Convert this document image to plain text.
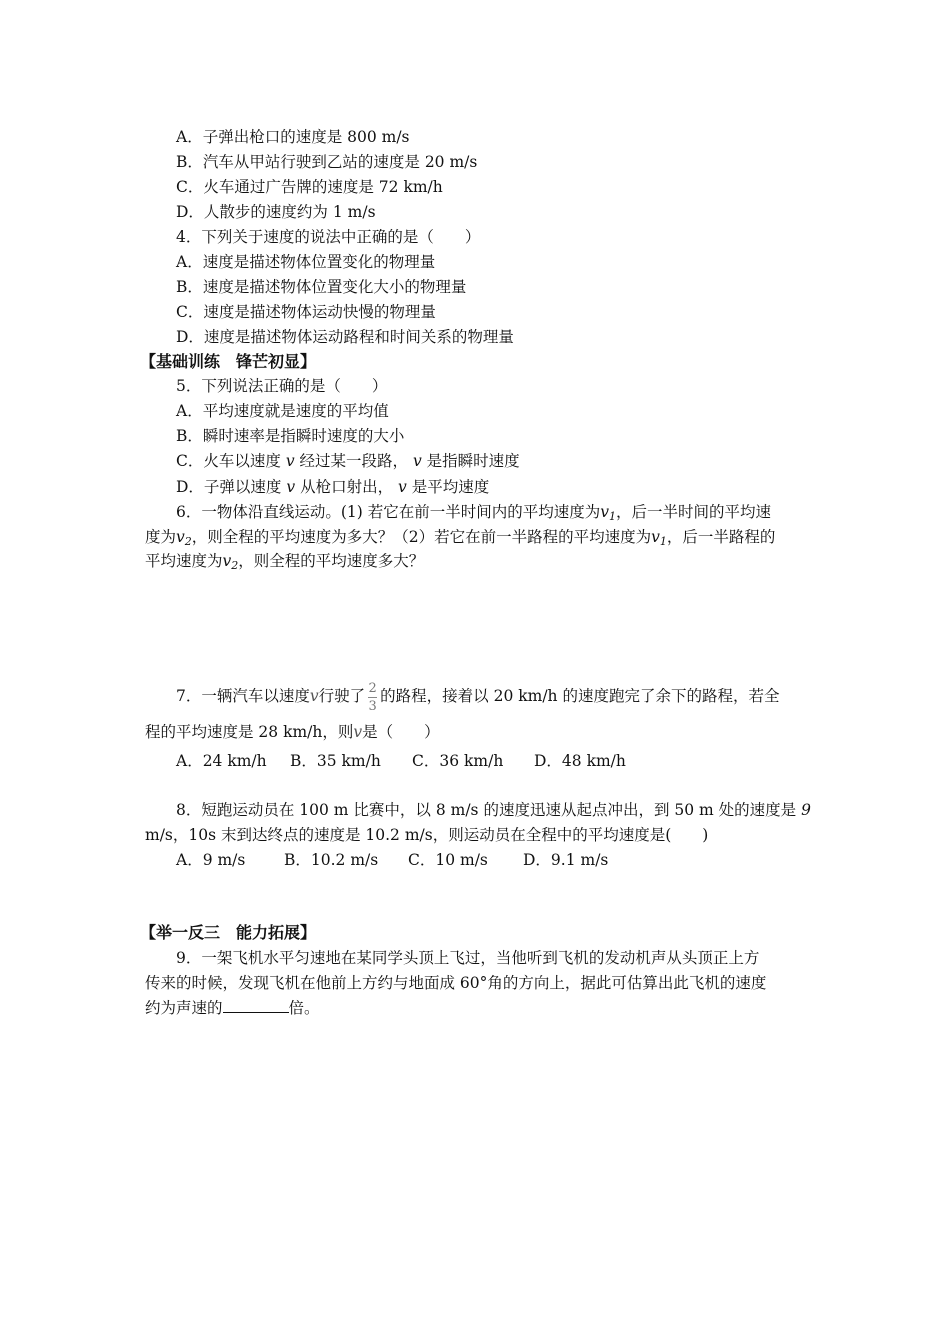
A．子弹出枪口的速度是 800 m/s
B．汽车从甲站行驶到乙站的速度是 20 m/s
C．火车通过广告牌的速度是 72 km/h
D．人散步的速度约为 1 m/s
4．下列关于速度的说法中正确的是（　　）
A．速度是描述物体位置变化的物理量
B．速度是描述物体位置变化大小的物理量
C．速度是描述物体运动快慢的物理量
D．速度是描述物体运动路程和时间关系的物理量
【基础训练　锋芒初显】
5．下列说法正确的是（　　）
A．平均速度就是速度的平均值
B．瞬时速率是指瞬时速度的大小
C．火车以速度 v 经过某一段路， v 是指瞬时速度
D．子弹以速度 v 从枪口射出， v 是平均速度
6．一物体沿直线运动。(1) 若它在前一半时间内的平均速度为$v_1$，后一半时间的平均速
度为$v_2$，则全程的平均速度为多大？（2）若它在前一半路程的平均速度为$v_1$，后一半路程的
平均速度为$v_2$，则全程的平均速度多大？
7．一辆汽车以速度v行驶了 $\frac{2}{3}$ 的路程，接着以 20 km/h 的速度跑完了余下的路程，若全
程的平均速度是 28 km/h，则v是（　　）
A．24 km/h B．35 km/h C．36 km/h D．48 km/h
8．短跑运动员在 100 m 比赛中，以 8 m/s 的速度迅速从起点冲出，到 50 m 处的速度是 9
m/s，10s 末到达终点的速度是 10.2 m/s，则运动员在全程中的平均速度是(　　)
A．9 m/s B．10.2 m/s C．10 m/s D．9.1 m/s
【举一反三　能力拓展】
9．一架飞机水平匀速地在某同学头顶上飞过，当他听到飞机的发动机声从头顶正上方
传来的时候，发现飞机在他前上方约与地面成 60°角的方向上，据此可估算出此飞机的速度
约为声速的	倍。
